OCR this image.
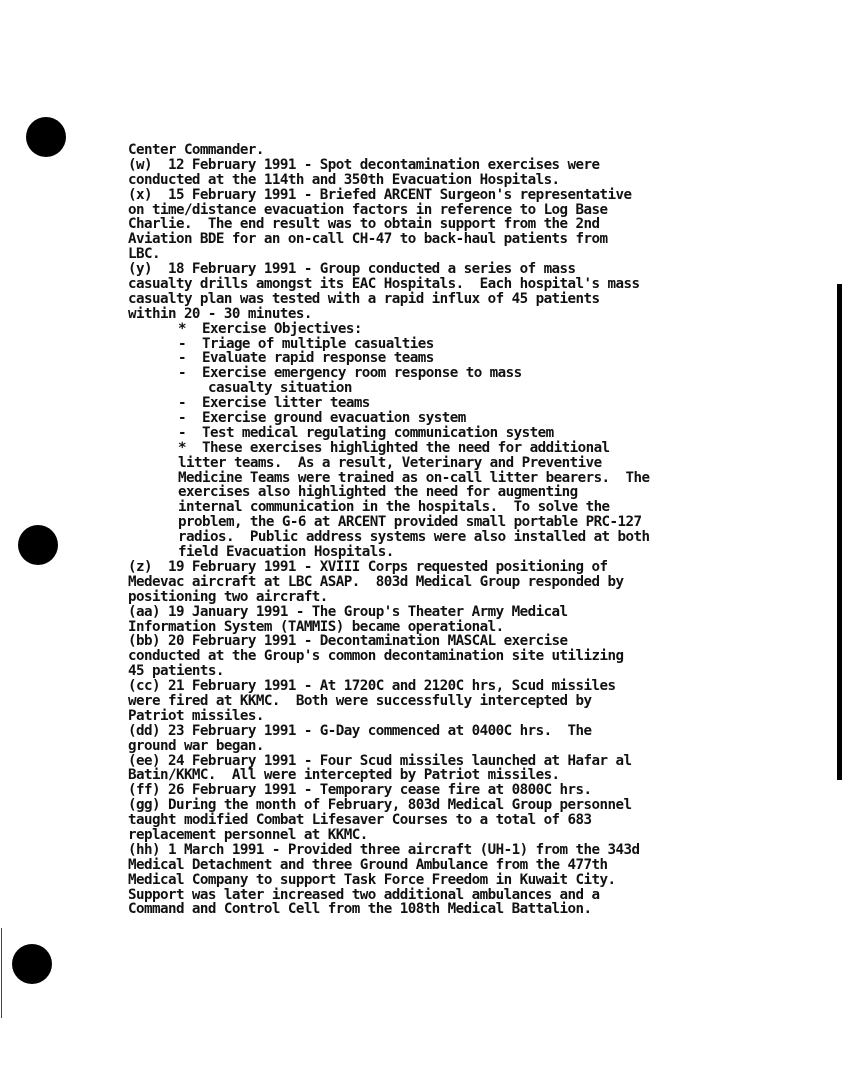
Center Commander.
(w)  12 February 1991 - Spot decontamination exercises were
conducted at the 114th and 350th Evacuation Hospitals.
(x)  15 February 1991 - Briefed ARCENT Surgeon's representative
on time/distance evacuation factors in reference to Log Base
Charlie.  The end result was to obtain support from the 2nd
Aviation BDE for an on-call CH-47 to back-haul patients from
LBC.
(y)  18 February 1991 - Group conducted a series of mass
casualty drills amongst its EAC Hospitals.  Each hospital's mass
casualty plan was tested with a rapid influx of 45 patients
within 20 - 30 minutes.
*  Exercise Objectives:
-  Triage of multiple casualties
-  Evaluate rapid response teams
-  Exercise emergency room response to mass
casualty situation
-  Exercise litter teams
-  Exercise ground evacuation system
-  Test medical regulating communication system
*  These exercises highlighted the need for additional
litter teams.  As a result, Veterinary and Preventive
Medicine Teams were trained as on-call litter bearers.  The
exercises also highlighted the need for augmenting
internal communication in the hospitals.  To solve the
problem, the G-6 at ARCENT provided small portable PRC-127
radios.  Public address systems were also installed at both
field Evacuation Hospitals.
(z)  19 February 1991 - XVIII Corps requested positioning of
Medevac aircraft at LBC ASAP.  803d Medical Group responded by
positioning two aircraft.
(aa) 19 January 1991 - The Group's Theater Army Medical
Information System (TAMMIS) became operational.
(bb) 20 February 1991 - Decontamination MASCAL exercise
conducted at the Group's common decontamination site utilizing
45 patients.
(cc) 21 February 1991 - At 1720C and 2120C hrs, Scud missiles
were fired at KKMC.  Both were successfully intercepted by
Patriot missiles.
(dd) 23 February 1991 - G-Day commenced at 0400C hrs.  The
ground war began.
(ee) 24 February 1991 - Four Scud missiles launched at Hafar al
Batin/KKMC.  All were intercepted by Patriot missiles.
(ff) 26 February 1991 - Temporary cease fire at 0800C hrs.
(gg) During the month of February, 803d Medical Group personnel
taught modified Combat Lifesaver Courses to a total of 683
replacement personnel at KKMC.
(hh) 1 March 1991 - Provided three aircraft (UH-1) from the 343d
Medical Detachment and three Ground Ambulance from the 477th
Medical Company to support Task Force Freedom in Kuwait City.
Support was later increased two additional ambulances and a
Command and Control Cell from the 108th Medical Battalion.
